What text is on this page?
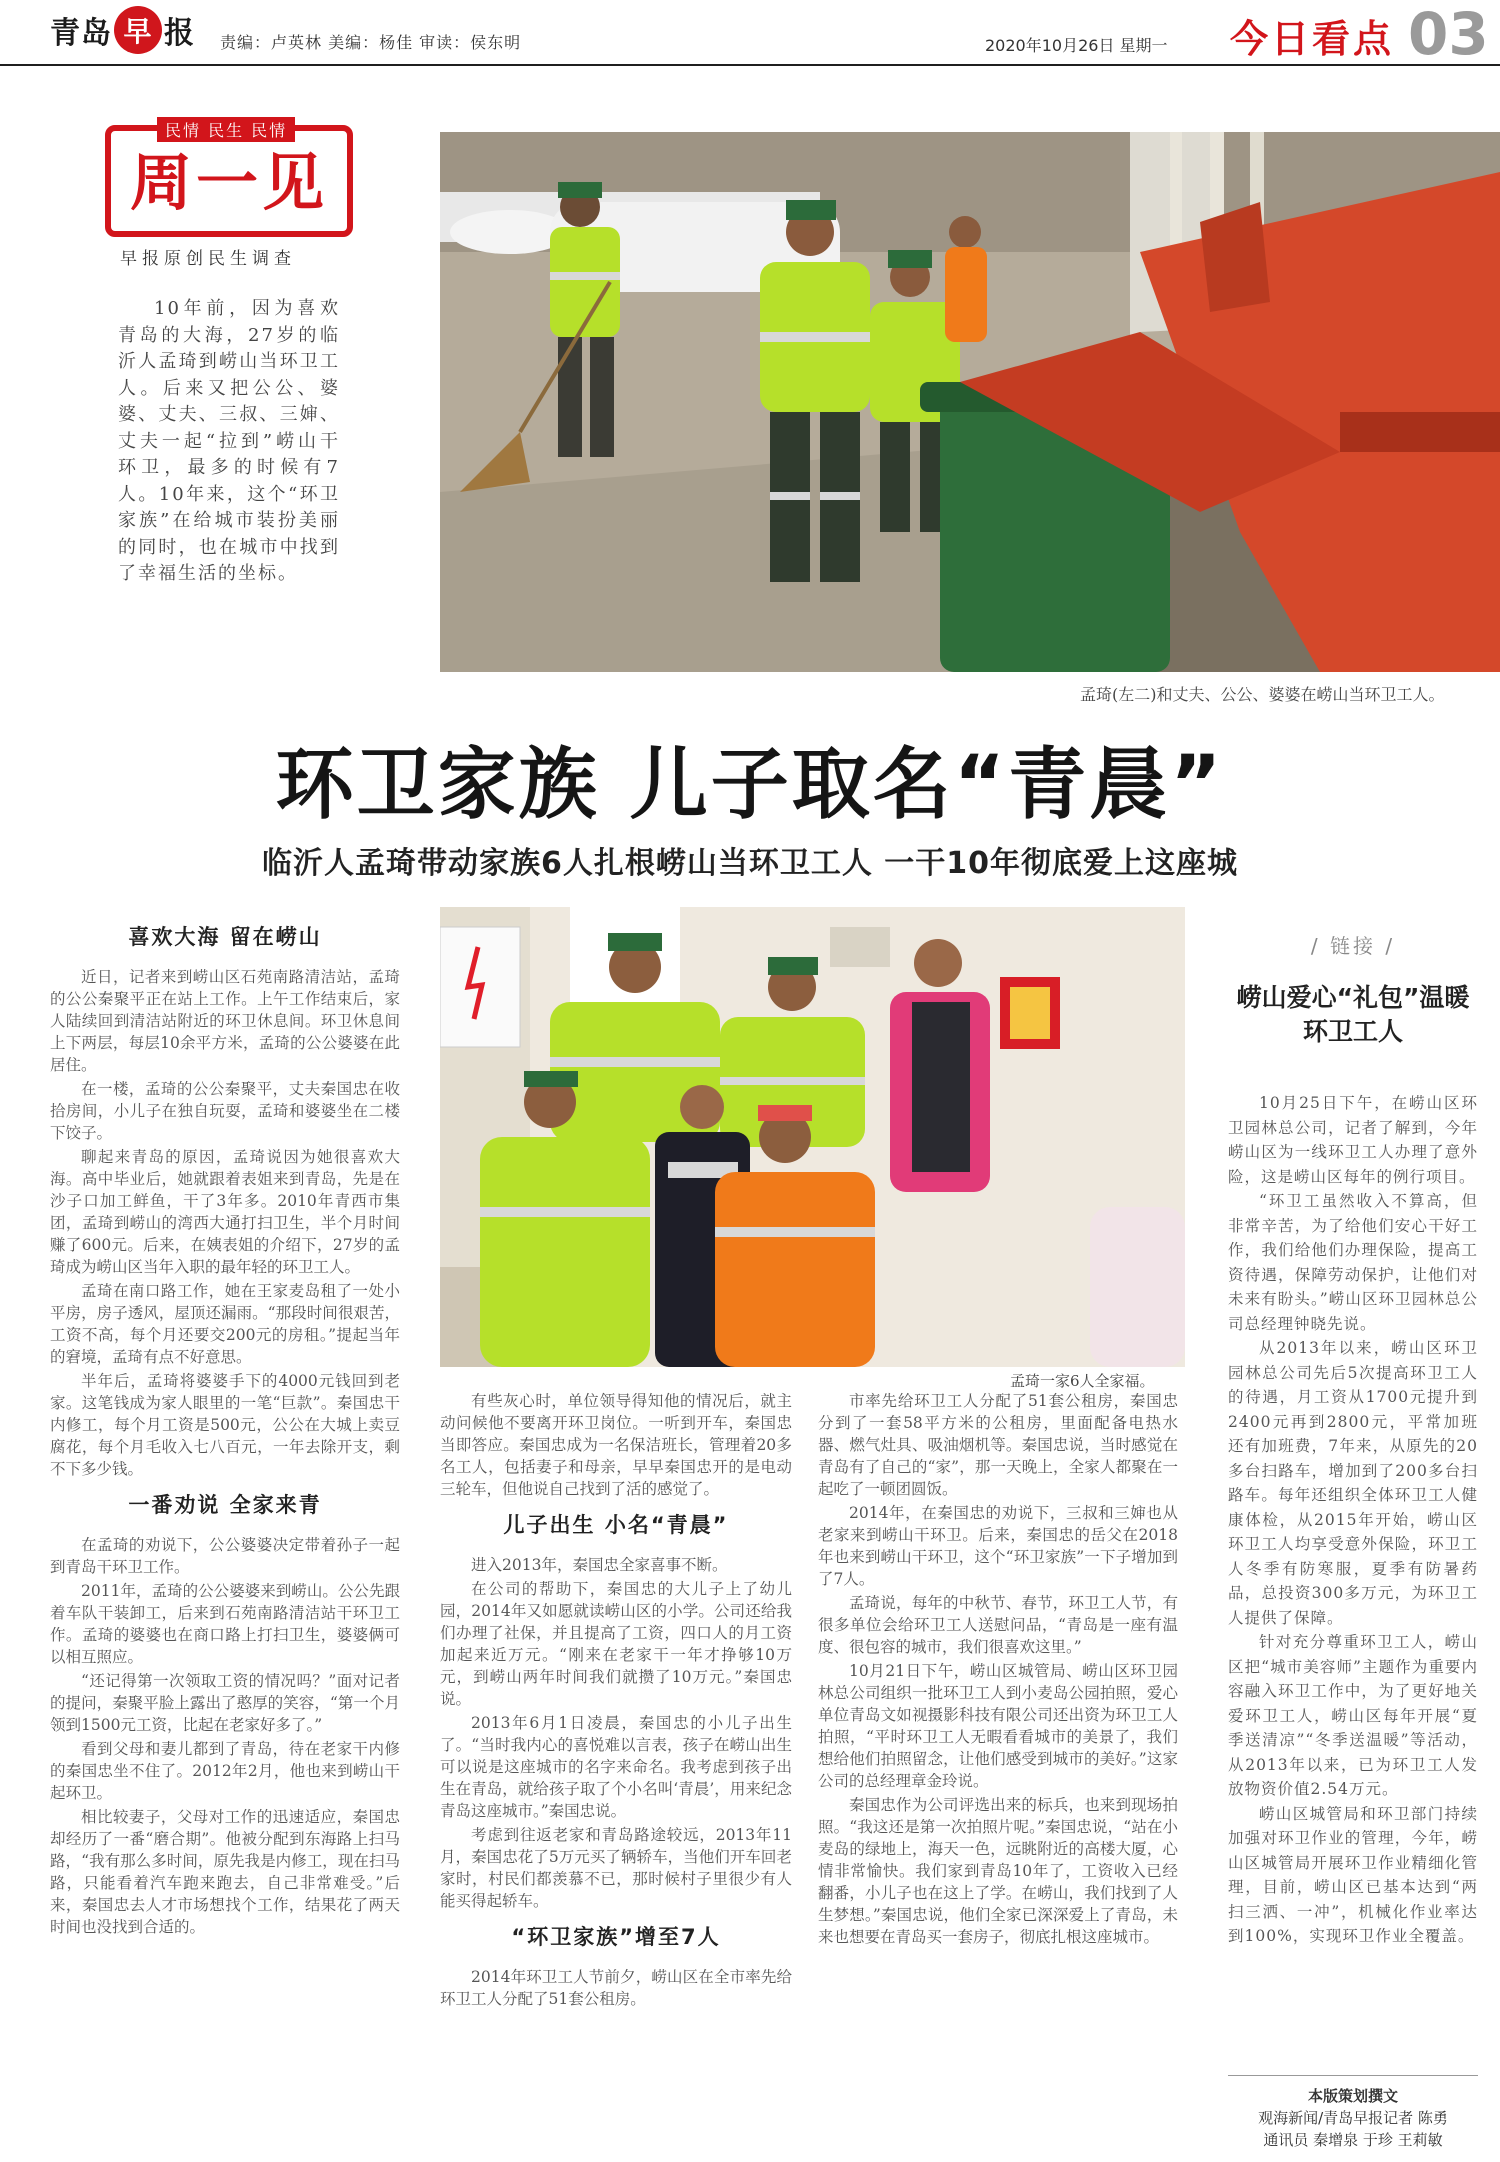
青岛 早 报 责编：卢英林 美编：杨佳 审读：侯东明	2020年10月26日 星期一 今日看点 03
民情 民生 民情
周一见
早报原创民生调查
10年前，因为喜欢青岛的大海，27岁的临沂人孟琦到崂山当环卫工人。后来又把公公、婆婆、丈夫、三叔、三婶、丈夫一起“拉到”崂山干环卫，最多的时候有7人。10年来，这个“环卫家族”在给城市装扮美丽的同时，也在城市中找到了幸福生活的坐标。
孟琦(左二)和丈夫、公公、婆婆在崂山当环卫工人。
环卫家族 儿子取名“青晨”
临沂人孟琦带动家族6人扎根崂山当环卫工人 一干10年彻底爱上这座城
喜欢大海 留在崂山

近日，记者来到崂山区石苑南路清洁站，孟琦的公公秦聚平正在站上工作。上午工作结束后，家人陆续回到清洁站附近的环卫休息间。环卫休息间上下两层，每层10余平方米，孟琦的公公婆婆在此居住。

在一楼，孟琦的公公秦聚平，丈夫秦国忠在收拾房间，小儿子在独自玩耍，孟琦和婆婆坐在二楼下饺子。

聊起来青岛的原因，孟琦说因为她很喜欢大海。高中毕业后，她就跟着表姐来到青岛，先是在沙子口加工鲜鱼，干了3年多。2010年青西市集团，孟琦到崂山的湾西大通打扫卫生，半个月时间赚了600元。后来，在姨表姐的介绍下，27岁的孟琦成为崂山区当年入职的最年轻的环卫工人。

孟琦在南口路工作，她在王家麦岛租了一处小平房，房子透风，屋顶还漏雨。“那段时间很艰苦，工资不高，每个月还要交200元的房租。”提起当年的窘境，孟琦有点不好意思。

半年后，孟琦将婆婆手下的4000元钱回到老家。这笔钱成为家人眼里的一笔“巨款”。秦国忠干内修工，每个月工资是500元，公公在大城上卖豆腐花，每个月毛收入七八百元，一年去除开支，剩不下多少钱。

一番劝说 全家来青

在孟琦的劝说下，公公婆婆决定带着孙子一起到青岛干环卫工作。

2011年，孟琦的公公婆婆来到崂山。公公先跟着车队干装卸工，后来到石苑南路清洁站干环卫工作。孟琦的婆婆也在商口路上打扫卫生，婆婆俩可以相互照应。

“还记得第一次领取工资的情况吗？”面对记者的提问，秦聚平脸上露出了憨厚的笑容，“第一个月领到1500元工资，比起在老家好多了。”

看到父母和妻儿都到了青岛，待在老家干内修的秦国忠坐不住了。2012年2月，他也来到崂山干起环卫。

相比较妻子，父母对工作的迅速适应，秦国忠却经历了一番“磨合期”。他被分配到东海路上扫马路，“我有那么多时间，原先我是内修工，现在扫马路，只能看着汽车跑来跑去，自己非常难受。”后来，秦国忠去人才市场想找个工作，结果花了两天时间也没找到合适的。

孟琦一家6人全家福。

有些灰心时，单位领导得知他的情况后，就主动问候他不要离开环卫岗位。一听到开车，秦国忠当即答应。秦国忠成为一名保洁班长，管理着20多名工人，包括妻子和母亲，早早秦国忠开的是电动三轮车，但他说自己找到了活的感觉了。

儿子出生 小名“青晨”

进入2013年，秦国忠全家喜事不断。

在公司的帮助下，秦国忠的大儿子上了幼儿园，2014年又如愿就读崂山区的小学。公司还给我们办理了社保，并且提高了工资，四口人的月工资加起来近万元。“刚来在老家干一年才挣够10万元，到崂山两年时间我们就攒了10万元。”秦国忠说。

2013年6月1日凌晨，秦国忠的小儿子出生了。“当时我内心的喜悦难以言表，孩子在崂山出生可以说是这座城市的名字来命名。我考虑到孩子出生在青岛，就给孩子取了个小名叫‘青晨’，用来纪念青岛这座城市。”秦国忠说。

考虑到往返老家和青岛路途较远，2013年11月，秦国忠花了5万元买了辆轿车，当他们开车回老家时，村民们都羡慕不已，那时候村子里很少有人能买得起轿车。

“环卫家族”增至7人

2014年环卫工人节前夕，崂山区在全市率先给环卫工人分配了51套公租房。

市率先给环卫工人分配了51套公租房，秦国忠分到了一套58平方米的公租房，里面配备电热水器、燃气灶具、吸油烟机等。秦国忠说，当时感觉在青岛有了自己的“家”，那一天晚上，全家人都聚在一起吃了一顿团圆饭。

2014年，在秦国忠的劝说下，三叔和三婶也从老家来到崂山干环卫。后来，秦国忠的岳父在2018年也来到崂山干环卫，这个“环卫家族”一下子增加到了7人。

孟琦说，每年的中秋节、春节，环卫工人节，有很多单位会给环卫工人送慰问品，“青岛是一座有温度、很包容的城市，我们很喜欢这里。”

10月21日下午，崂山区城管局、崂山区环卫园林总公司组织一批环卫工人到小麦岛公园拍照，爱心单位青岛文如视摄影科技有限公司还出资为环卫工人拍照，“平时环卫工人无暇看看城市的美景了，我们想给他们拍照留念，让他们感受到城市的美好。”这家公司的总经理章金玲说。

秦国忠作为公司评选出来的标兵，也来到现场拍照。“我这还是第一次拍照片呢。”秦国忠说，“站在小麦岛的绿地上，海天一色，远眺附近的高楼大厦，心情非常愉快。我们家到青岛10年了，工资收入已经翻番，小儿子也在这上了学。在崂山，我们找到了人生梦想。”秦国忠说，他们全家已深深爱上了青岛，未来也想要在青岛买一套房子，彻底扎根这座城市。

/ 链接 /
崂山爱心“礼包”温暖环卫工人

10月25日下午，在崂山区环卫园林总公司，记者了解到，今年崂山区为一线环卫工人办理了意外险，这是崂山区每年的例行项目。

“环卫工虽然收入不算高，但非常辛苦，为了给他们安心干好工作，我们给他们办理保险，提高工资待遇，保障劳动保护，让他们对未来有盼头。”崂山区环卫园林总公司总经理钟晓先说。

从2013年以来，崂山区环卫园林总公司先后5次提高环卫工人的待遇，月工资从1700元提升到2400元再到2800元，平常加班还有加班费，7年来，从原先的20多台扫路车，增加到了200多台扫路车。每年还组织全体环卫工人健康体检，从2015年开始，崂山区环卫工人均享受意外保险，环卫工人冬季有防寒服，夏季有防暑药品，总投资300多万元，为环卫工人提供了保障。

针对充分尊重环卫工人，崂山区把“城市美容师”主题作为重要内容融入环卫工作中，为了更好地关爱环卫工人，崂山区每年开展“夏季送清凉”“冬季送温暖”等活动，从2013年以来，已为环卫工人发放物资价值2.54万元。

崂山区城管局和环卫部门持续加强对环卫作业的管理，今年，崂山区城管局开展环卫作业精细化管理，目前，崂山区已基本达到“两扫三洒、一冲”，机械化作业率达到100%，实现环卫作业全覆盖。

本版策划撰文
观海新闻/青岛早报记者 陈勇
通讯员 秦增泉 于珍 王莉敏
